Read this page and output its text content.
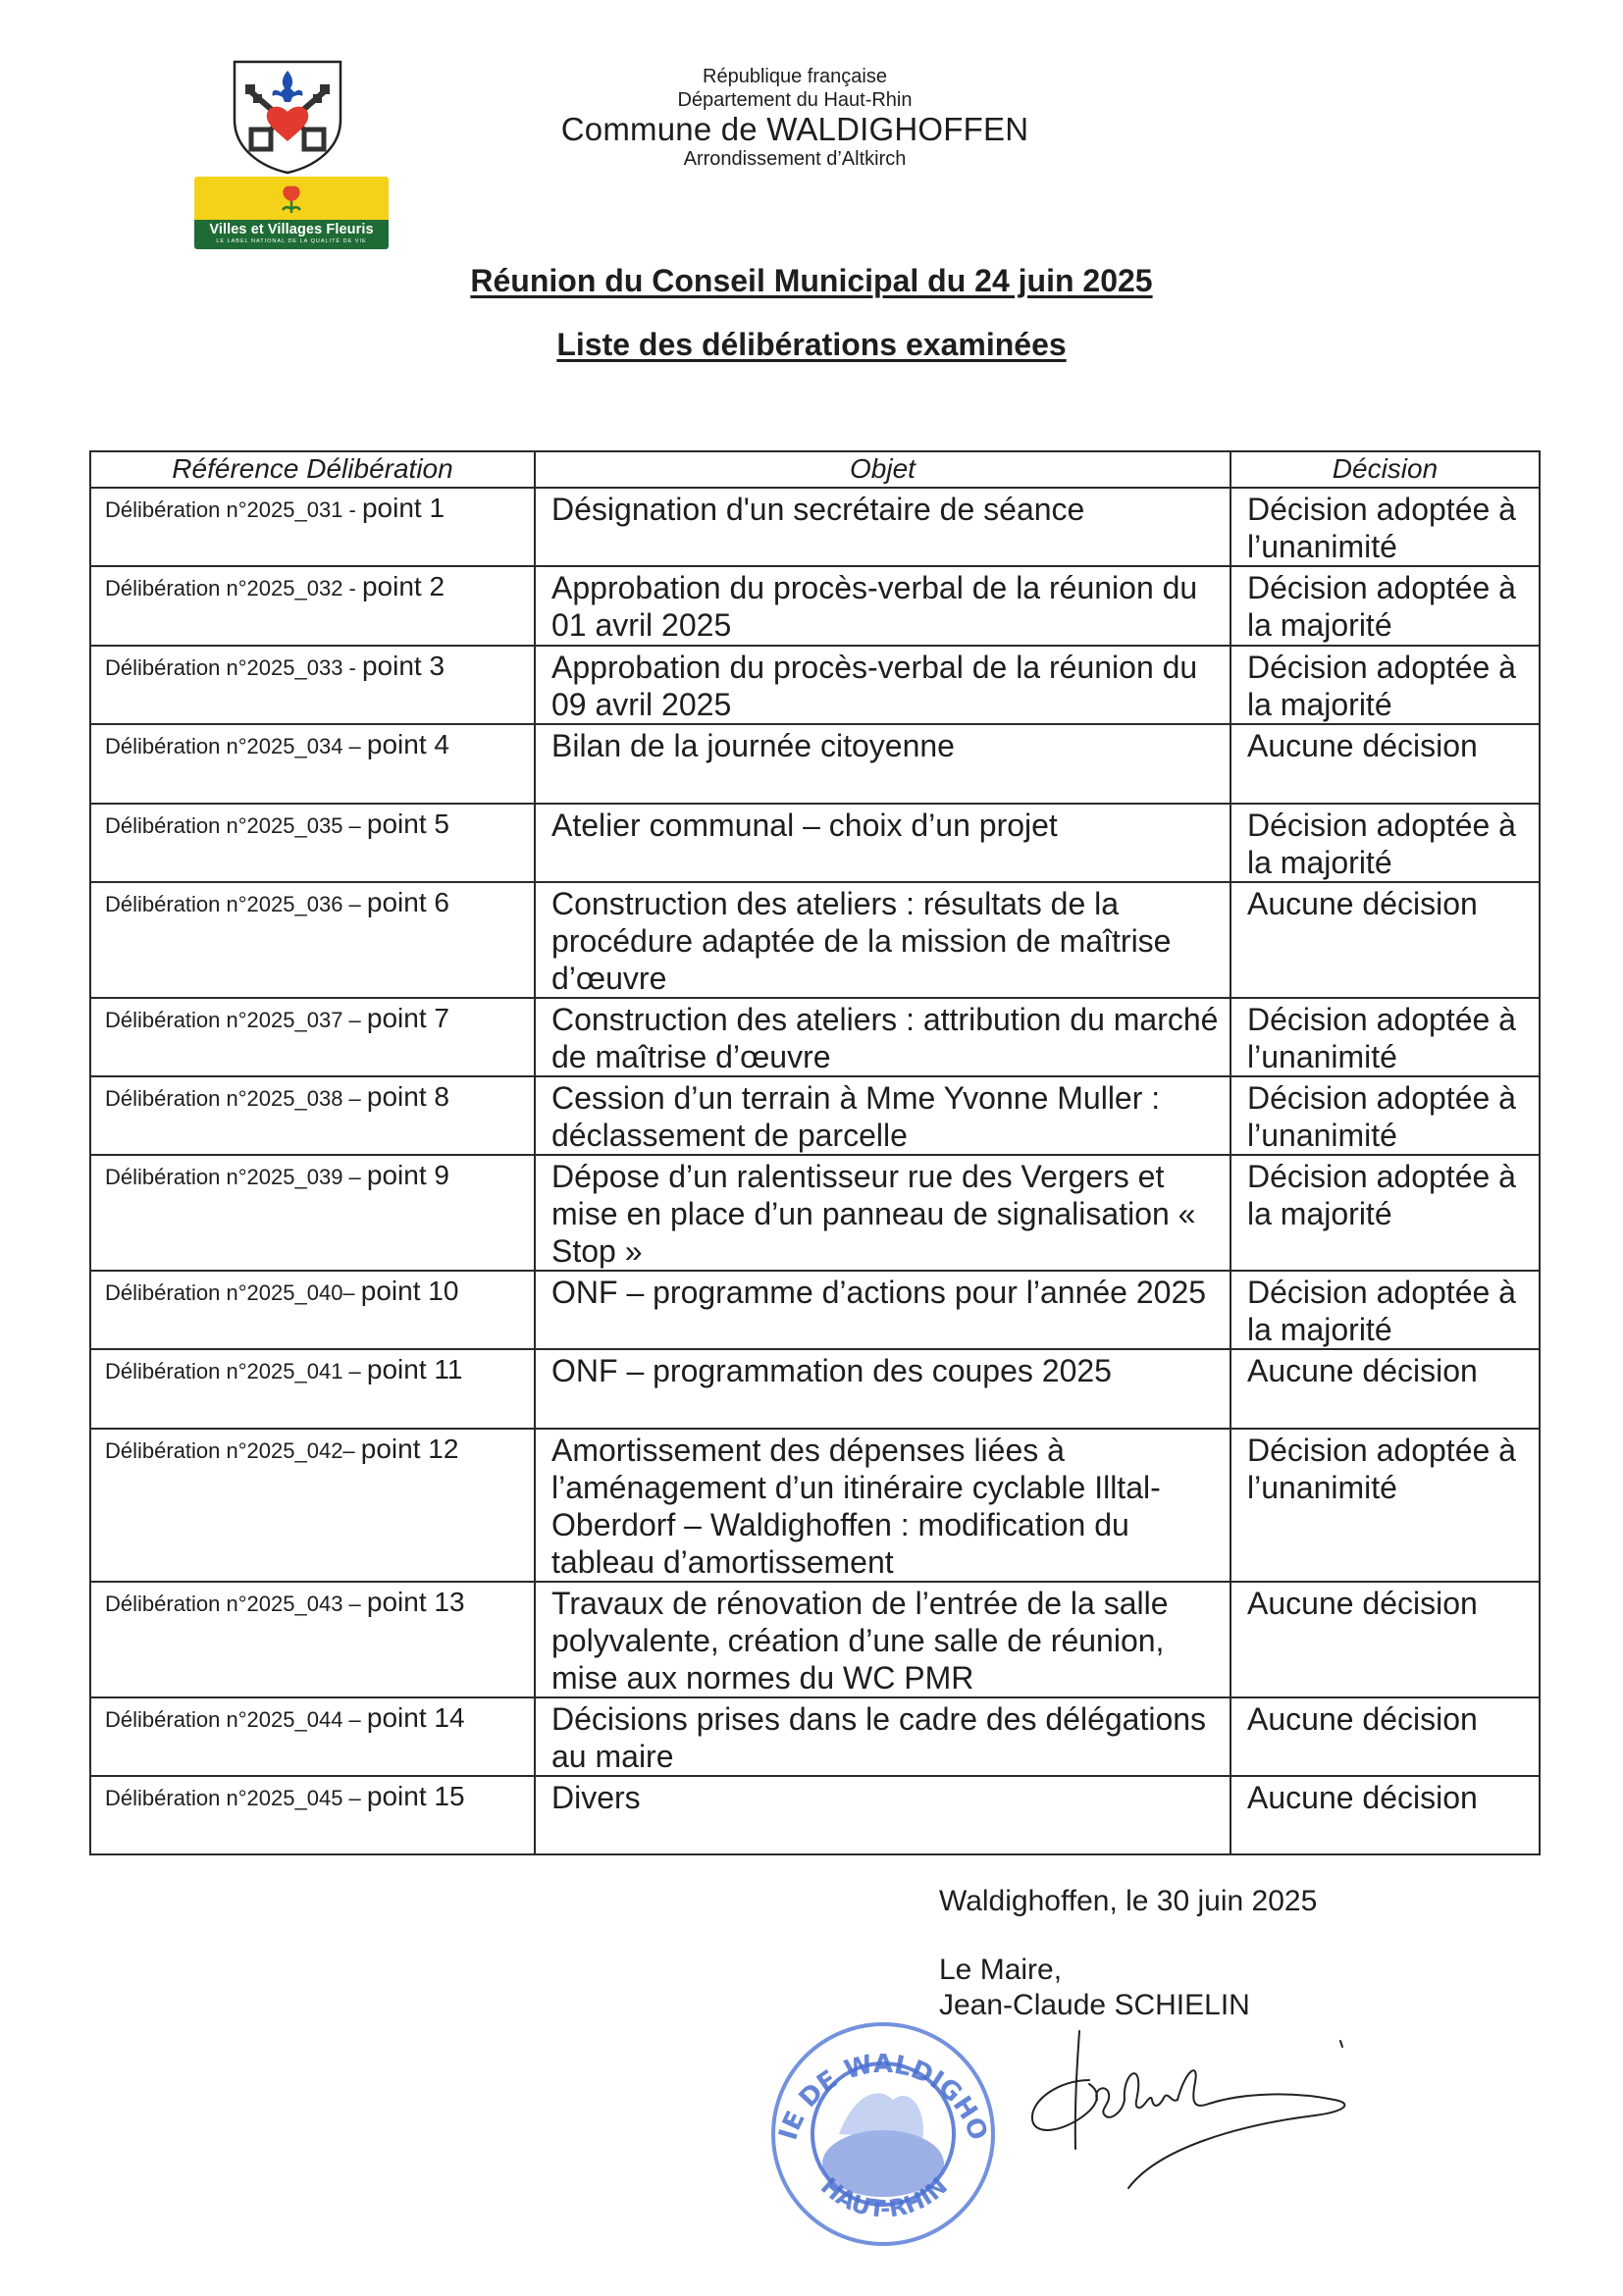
Villes et Villages Fleuris
LE LABEL NATIONAL DE LA QUALITÉ DE VIE
République française
Département du Haut-Rhin
Commune de WALDIGHOFFEN
Arrondissement d’Altkirch
Réunion du Conseil Municipal du 24 juin 2025
Liste des délibérations examinées
Référence Délibération	Objet	Décision
Délibération n°2025_031 - point 1	Désignation d'un secrétaire de séance	Décision adoptée à l’unanimité
Délibération n°2025_032 - point 2	Approbation du procès-verbal de la réunion du 01 avril 2025	Décision adoptée à la majorité
Délibération n°2025_033 - point 3	Approbation du procès-verbal de la réunion du 09 avril 2025	Décision adoptée à la majorité
Délibération n°2025_034 – point 4	Bilan de la journée citoyenne	Aucune décision
Délibération n°2025_035 – point 5	Atelier communal – choix d’un projet	Décision adoptée à la majorité
Délibération n°2025_036 – point 6	Construction des ateliers : résultats de la procédure adaptée de la mission de maîtrise d’œuvre	Aucune décision
Délibération n°2025_037 – point 7	Construction des ateliers : attribution du marché de maîtrise d’œuvre	Décision adoptée à l’unanimité
Délibération n°2025_038 – point 8	Cession d’un terrain à Mme Yvonne Muller : déclassement de parcelle	Décision adoptée à l’unanimité
Délibération n°2025_039 – point 9	Dépose d’un ralentisseur rue des Vergers et mise en place d’un panneau de signalisation « Stop »	Décision adoptée à la majorité
Délibération n°2025_040– point 10	ONF – programme d’actions pour l’année 2025	Décision adoptée à la majorité
Délibération n°2025_041 – point 11	ONF – programmation des coupes 2025	Aucune décision
Délibération n°2025_042– point 12	Amortissement des dépenses liées à l’aménagement d’un itinéraire cyclable Illtal-Oberdorf – Waldighoffen : modification du tableau d’amortissement	Décision adoptée à l’unanimité
Délibération n°2025_043 – point 13	Travaux de rénovation de l’entrée de la salle polyvalente, création d’une salle de réunion, mise aux normes du WC PMR	Aucune décision
Délibération n°2025_044 – point 14	Décisions prises dans le cadre des délégations au maire	Aucune décision
Délibération n°2025_045 – point 15	Divers	Aucune décision
Waldighoffen, le 30 juin 2025
Le Maire,
Jean-Claude SCHIELIN
IE DE WALDIGHO
HAUT-RHIN
